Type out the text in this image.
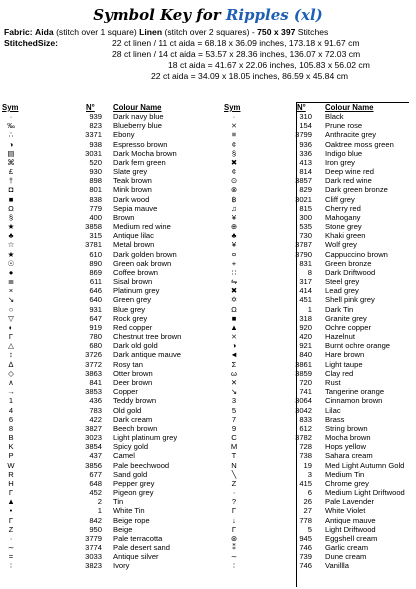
Symbol Key for Ripples (xl)
Fabric: Aida (stitch over 1 square) Linen (stitch over 2 squares) - 750 x 397 Stitches
StitchedSize:	22 ct linen / 11 ct aida = 68.18 x 36.09 inches, 173.18 x 91.67 cm
28 ct linen / 14 ct aida = 53.57 x 28.36 inches, 136.07 x 72.03 cm
18 ct aida = 41.67 x 22.06 inches, 105.83 x 56.02 cm
22 ct aida = 34.09 x 18.05 inches, 86.59 x 45.84 cm
Sym	N° Colour Name	Sym	N° Colour Name
·	939 Dark navy blue
‰	823 Blueberry blue
∴	3371 Ebony
◑	938 Espresso brown
▤	3031 Dark Mocha brown
⌘	520 Dark fern green
£	930 Slate grey
†	898 Teak brown
◘	801 Mink brown
■	838 Dark wood
Ω	779 Sepia mauve
§	400 Brown
★	3858 Medium red wine
♣	315 Antique lilac
☆	3781 Metal brown
★	610 Dark golden brown
☉	890 Green oak brown
●	869 Coffee brown
≣	611 Sisal brown
×	646 Platinum grey
↘	640 Green grey
○	931 Blue grey
▽	647 Rock grey
◐	919 Red copper
Γ	780 Chestnut tree brown
△	680 Dark old gold
↕	3726 Dark antique mauve
∆	3772 Rosy tan
◇	3863 Otter brown
∧	841 Deer brown
→	3853 Copper
1	436 Teddy brown
4	783 Old gold
6	422 Dark cream
8	3827 Beech brown
B	3023 Light platinum grey
K	3854 Spicy gold
P	437 Camel
W	3856 Pale beechwood
R	677 Sand gold
H	648 Pepper grey
Γ	452 Pigeon grey
▲	2 Tin
•	1 White Tin
Γ	842 Beige rope
Z	950 Beige
∙	3779 Pale terracotta
∼	3774 Pale desert sand
=	3033 Antique silver
∶	3823 Ivory
·	310 Black
⨯	154 Prune rose
≡	3799 Anthracite grey
¢	936 Oaktree moss green
§	336 Indigo blue
✖	413 Iron grey
¢	814 Deep wine red
⊙	3857 Dark red wine
⊗	829 Dark green bronze
฿	3021 Cliff grey
♫	815 Cherry red
¥	300 Mahogany
⊕	535 Stone grey
♣	730 Khaki green
¥	3787 Wolf grey
¤	3790 Cappuccino brown
+	831 Green bronze
∷	8 Dark Driftwood
⇋	317 Steel grey
✖	414 Lead grey
✡	451 Shell pink grey
Ω	1 Dark Tin
■	318 Granite grey
▲	920 Ochre copper
⨯	420 Hazelnut
◑	921 Burnt ochre orange
◄	840 Hare brown
Σ	3861 Light taupe
ω	3859 Clay red
✕	720 Rust
↘	741 Tangerine orange
3	3064 Cinnamon brown
5	3042 Lilac
7	833 Brass
9	612 String brown
C	3782 Mocha brown
M	728 Hops yellow
T	738 Sahara cream
N	19 Med Light Autumn Gold
╲	3 Medium Tin
Z	415 Chrome grey
∙	6 Medium Light Driftwood
?	26 Pale Lavender
Γ	27 White Violet
↓	778 Antique mauve
Γ	5 Light Driftwood
⊛	945 Eggshell cream
⁑	746 Garlic cream
∼	739 Dune cream
∶	746 Vanillla
